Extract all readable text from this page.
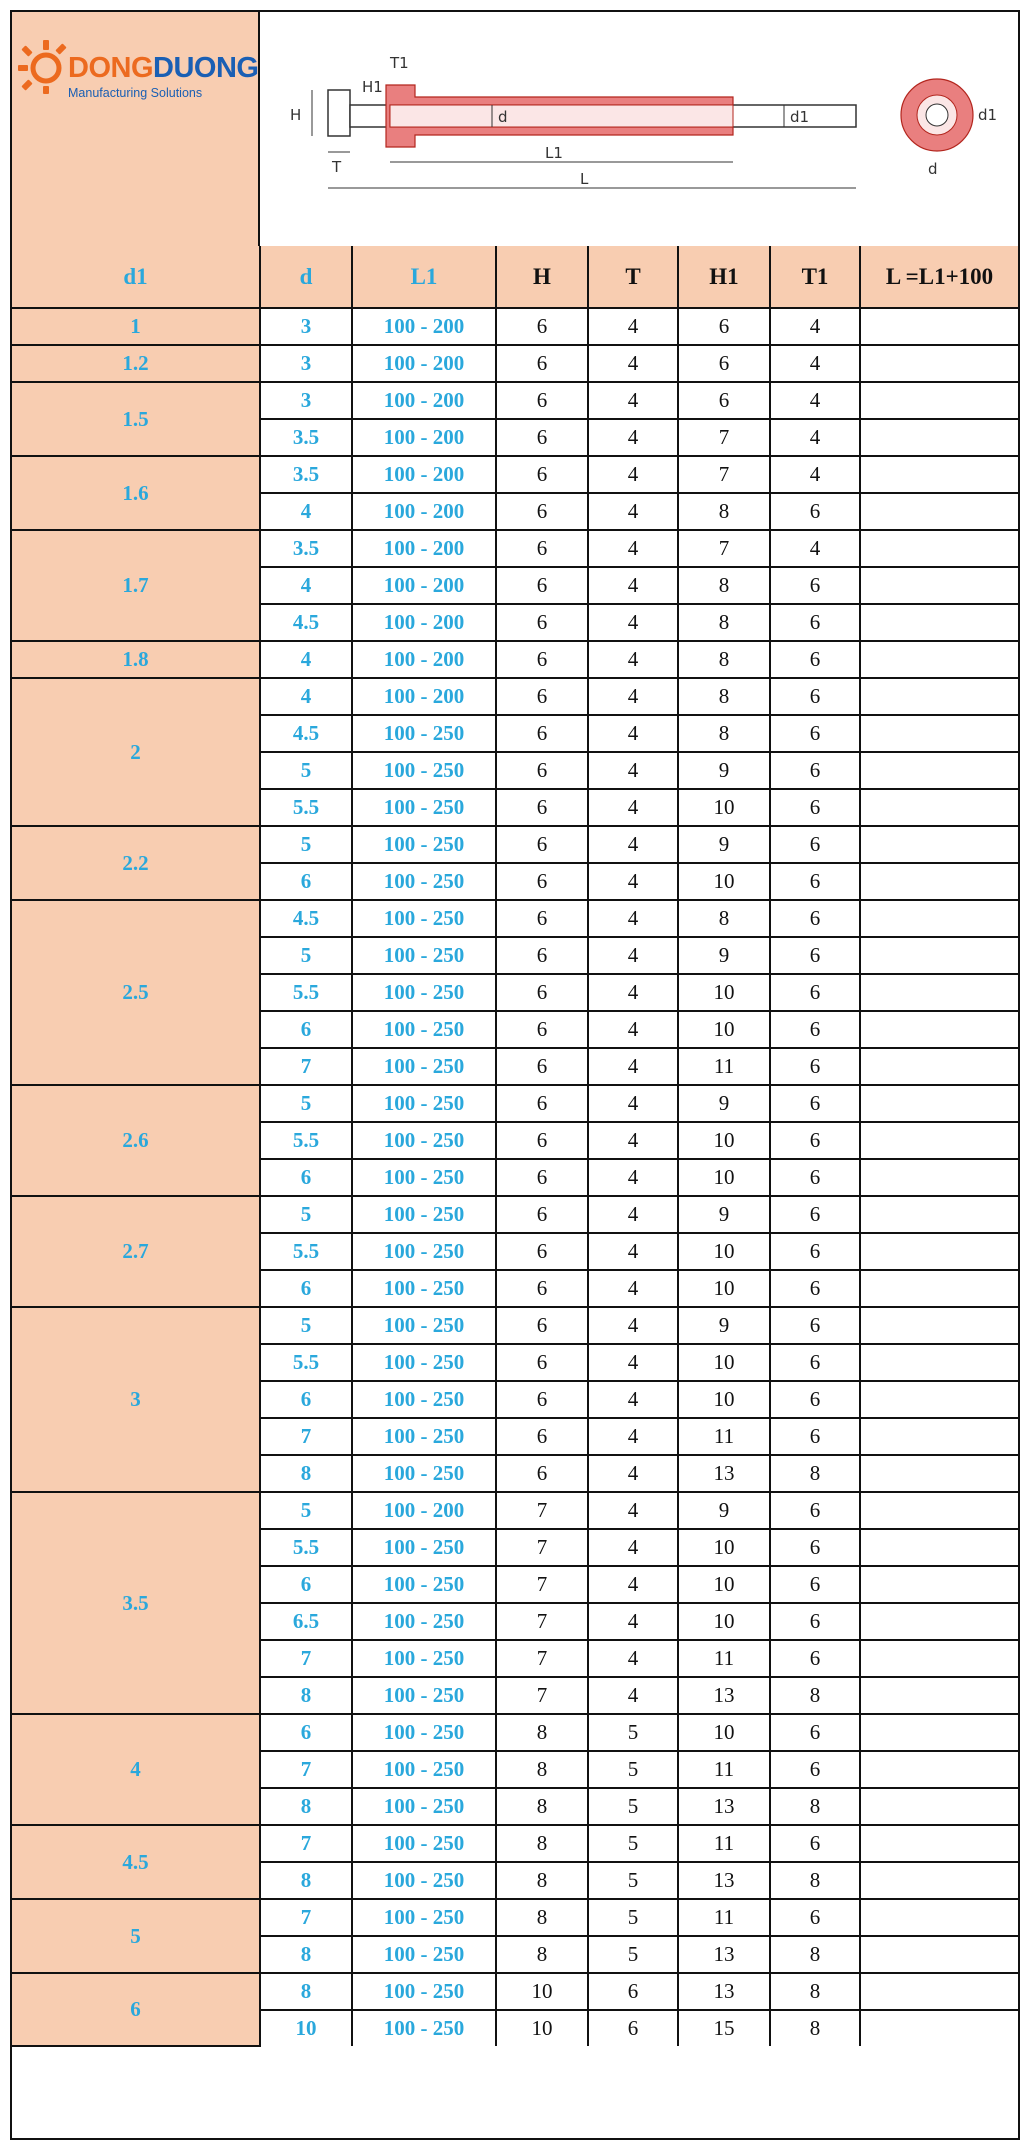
DONGDUONG
Manufacturing Solutions
H
T
H1
T1
d	d1
L1
L
d1
d
d1	d	L1	H	T	H1	T1	L =L1+100
1	3	100 - 200	6	4	6	4	
1.2	3	100 - 200	6	4	6	4	
1.5	3	100 - 200	6	4	6	4	
	3.5	100 - 200	6	4	7	4	
1.6	3.5	100 - 200	6	4	7	4	
	4	100 - 200	6	4	8	6	
1.7	3.5	100 - 200	6	4	7	4	
	4	100 - 200	6	4	8	6	
	4.5	100 - 200	6	4	8	6	
1.8	4	100 - 200	6	4	8	6	
2	4	100 - 200	6	4	8	6	
	4.5	100 - 250	6	4	8	6	
	5	100 - 250	6	4	9	6	
	5.5	100 - 250	6	4	10	6	
2.2	5	100 - 250	6	4	9	6	
	6	100 - 250	6	4	10	6	
2.5	4.5	100 - 250	6	4	8	6	
	5	100 - 250	6	4	9	6	
	5.5	100 - 250	6	4	10	6	
	6	100 - 250	6	4	10	6	
	7	100 - 250	6	4	11	6	
2.6	5	100 - 250	6	4	9	6	
	5.5	100 - 250	6	4	10	6	
	6	100 - 250	6	4	10	6	
2.7	5	100 - 250	6	4	9	6	
	5.5	100 - 250	6	4	10	6	
	6	100 - 250	6	4	10	6	
3	5	100 - 250	6	4	9	6	
	5.5	100 - 250	6	4	10	6	
	6	100 - 250	6	4	10	6	
	7	100 - 250	6	4	11	6	
	8	100 - 250	6	4	13	8	
3.5	5	100 - 200	7	4	9	6	
	5.5	100 - 250	7	4	10	6	
	6	100 - 250	7	4	10	6	
	6.5	100 - 250	7	4	10	6	
	7	100 - 250	7	4	11	6	
	8	100 - 250	7	4	13	8	
4	6	100 - 250	8	5	10	6	
	7	100 - 250	8	5	11	6	
	8	100 - 250	8	5	13	8	
4.5	7	100 - 250	8	5	11	6	
	8	100 - 250	8	5	13	8	
5	7	100 - 250	8	5	11	6	
	8	100 - 250	8	5	13	8	
6	8	100 - 250	10	6	13	8	
	10	100 - 250	10	6	15	8	
